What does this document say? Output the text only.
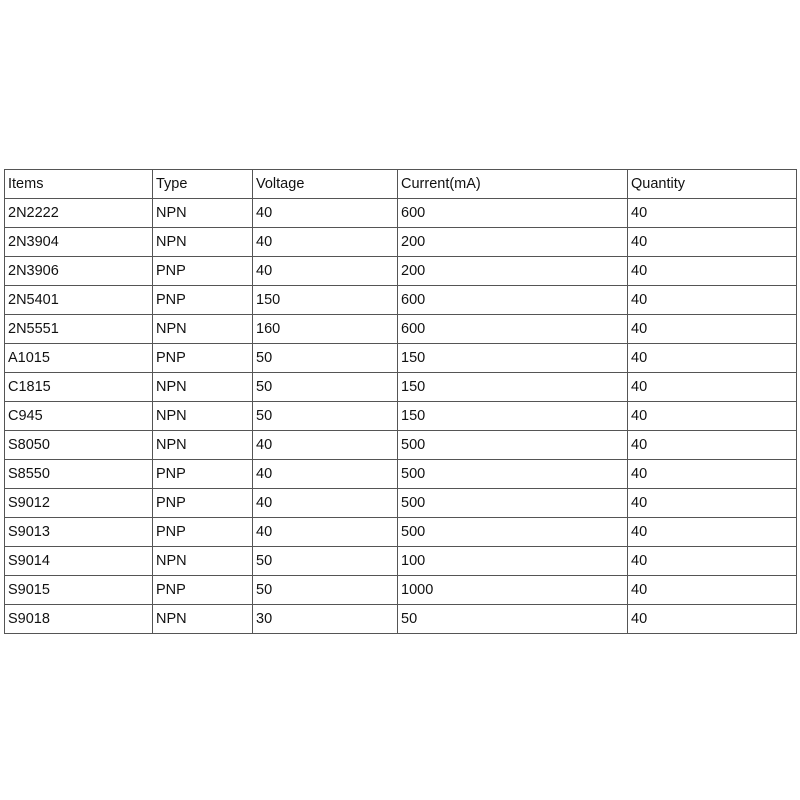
Items	Type	Voltage	Current(mA)	Quantity
2N2222	NPN	40	600	40
2N3904	NPN	40	200	40
2N3906	PNP	40	200	40
2N5401	PNP	150	600	40
2N5551	NPN	160	600	40
A1015	PNP	50	150	40
C1815	NPN	50	150	40
C945	NPN	50	150	40
S8050	NPN	40	500	40
S8550	PNP	40	500	40
S9012	PNP	40	500	40
S9013	PNP	40	500	40
S9014	NPN	50	100	40
S9015	PNP	50	1000	40
S9018	NPN	30	50	40
